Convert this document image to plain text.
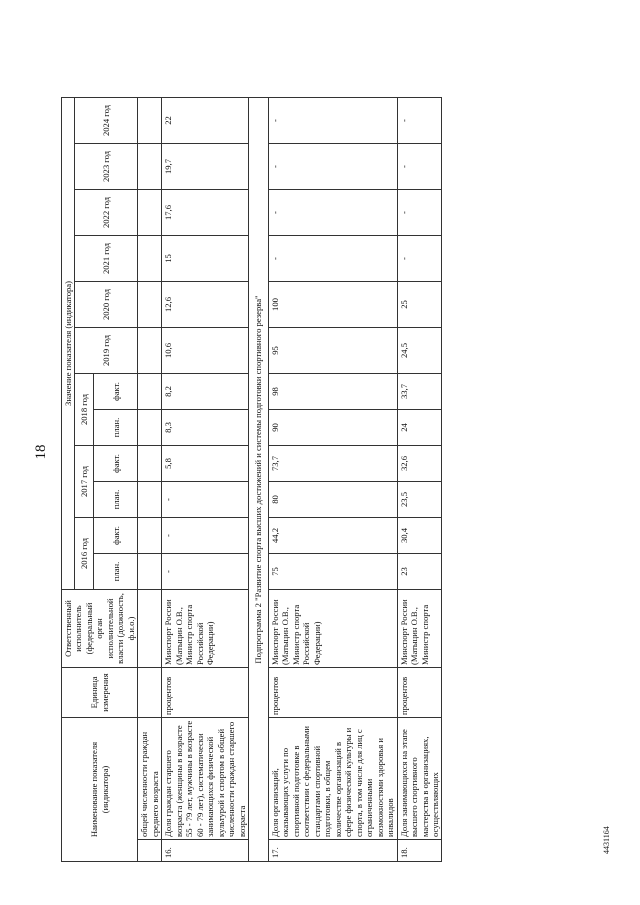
18
Наименование показателя (индикатора)		Единица измерения	Ответственный исполнитель (федеральный орган исполнительной власти (должность, ф.и.о.)	Значение показателя (индикатора)											
				2016 год		2017 год		2018 год		2019 год	2020 год	2021 год	2022 год	2023 год	2024 год
				план.	факт.	план.	факт.	план.	факт.						
	общей численности граждан среднего возраста														
16.	Доля граждан старшего возраста (женщины в возрасте 55 - 79 лет, мужчины в возрасте 60 - 79 лет), систематически занимающихся физической культурой и спортом в общей численности граждан старшего возраста	процентов	Минспорт России (Матыцин О.В., Министр спорта Российской Федерации)	-	-	-	5,8	8,3	8,2	10,6	12,6	15	17,6	19,7	22
Подпрограмма 2 "Развитие спорта высших достижений и системы подготовки спортивного резерва"															
17.	Доля организаций, оказывающих услуги по спортивной подготовке в соответствии с федеральными стандартами спортивной подготовки, в общем количестве организаций в сфере физической культуры и спорта, в том числе для лиц с ограниченными возможностями здоровья и инвалидов	процентов	Минспорт России (Матыцин О.В., Министр спорта Российской Федерации)	75	44,2	80	73,7	90	98	95	100	-	-	-	-
18.	Доля занимающихся на этапе высшего спортивного мастерства в организациях, осуществляющих	процентов	Минспорт России (Матыцин О.В., Министр спорта	23	30,4	23,5	32,6	24	33,7	24,5	25	-	-	-	-
4431164
